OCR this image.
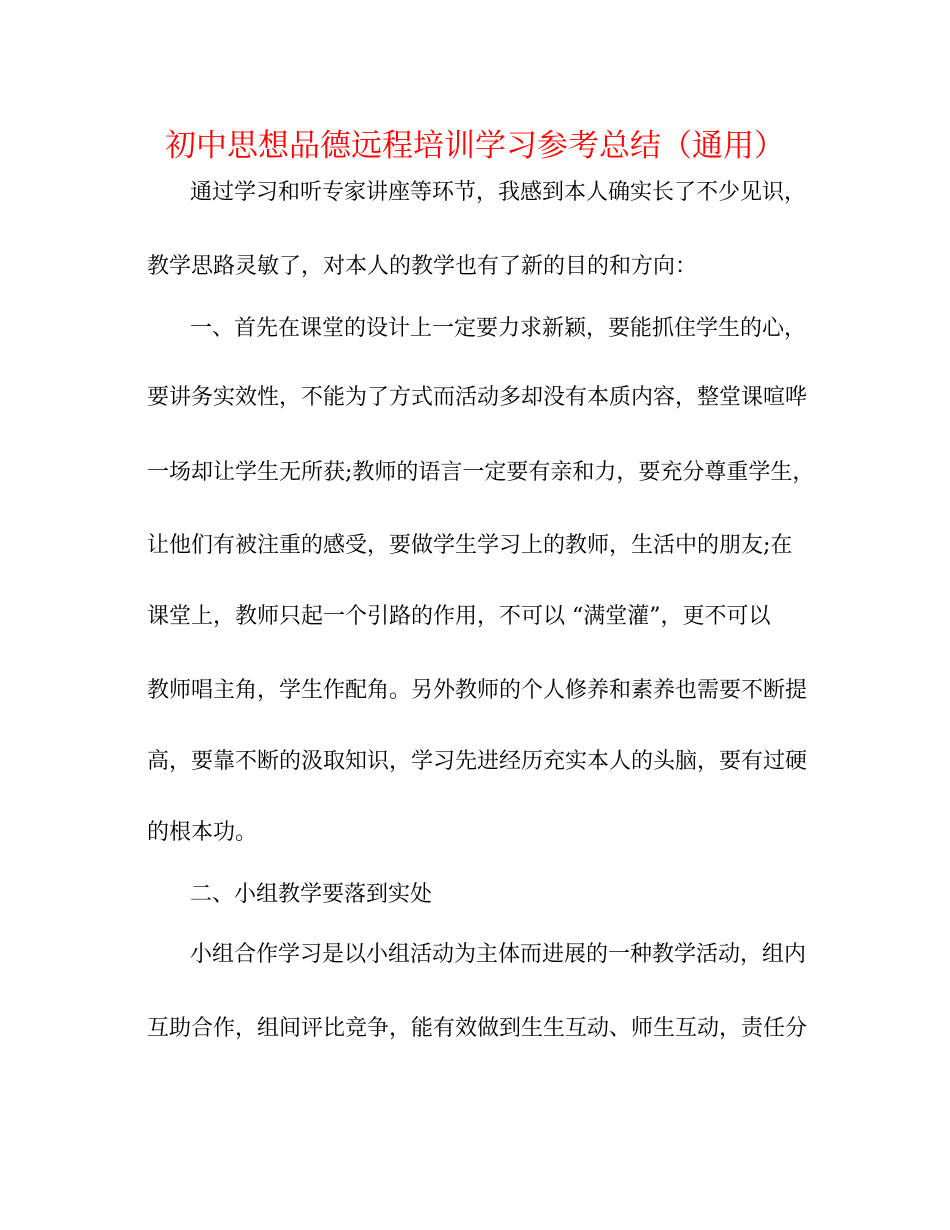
初中思想品德远程培训学习参考总结（通用）

通过学习和听专家讲座等环节，我感到本人确实长了不少见识，

教学思路灵敏了，对本人的教学也有了新的目的和方向：

一、首先在课堂的设计上一定要力求新颖，要能抓住学生的心，

要讲务实效性，不能为了方式而活动多却没有本质内容，整堂课喧哗

一场却让学生无所获;教师的语言一定要有亲和力，要充分尊重学生，

让他们有被注重的感受，要做学生学习上的教师，生活中的朋友;在

课堂上，教师只起一个引路的作用，不可以 “满堂灌”，更不可以

教师唱主角，学生作配角。另外教师的个人修养和素养也需要不断提

高，要靠不断的汲取知识，学习先进经历充实本人的头脑，要有过硬

的根本功。

二、小组教学要落到实处

小组合作学习是以小组活动为主体而进展的一种教学活动，组内

互助合作，组间评比竞争，能有效做到生生互动、师生互动，责任分
